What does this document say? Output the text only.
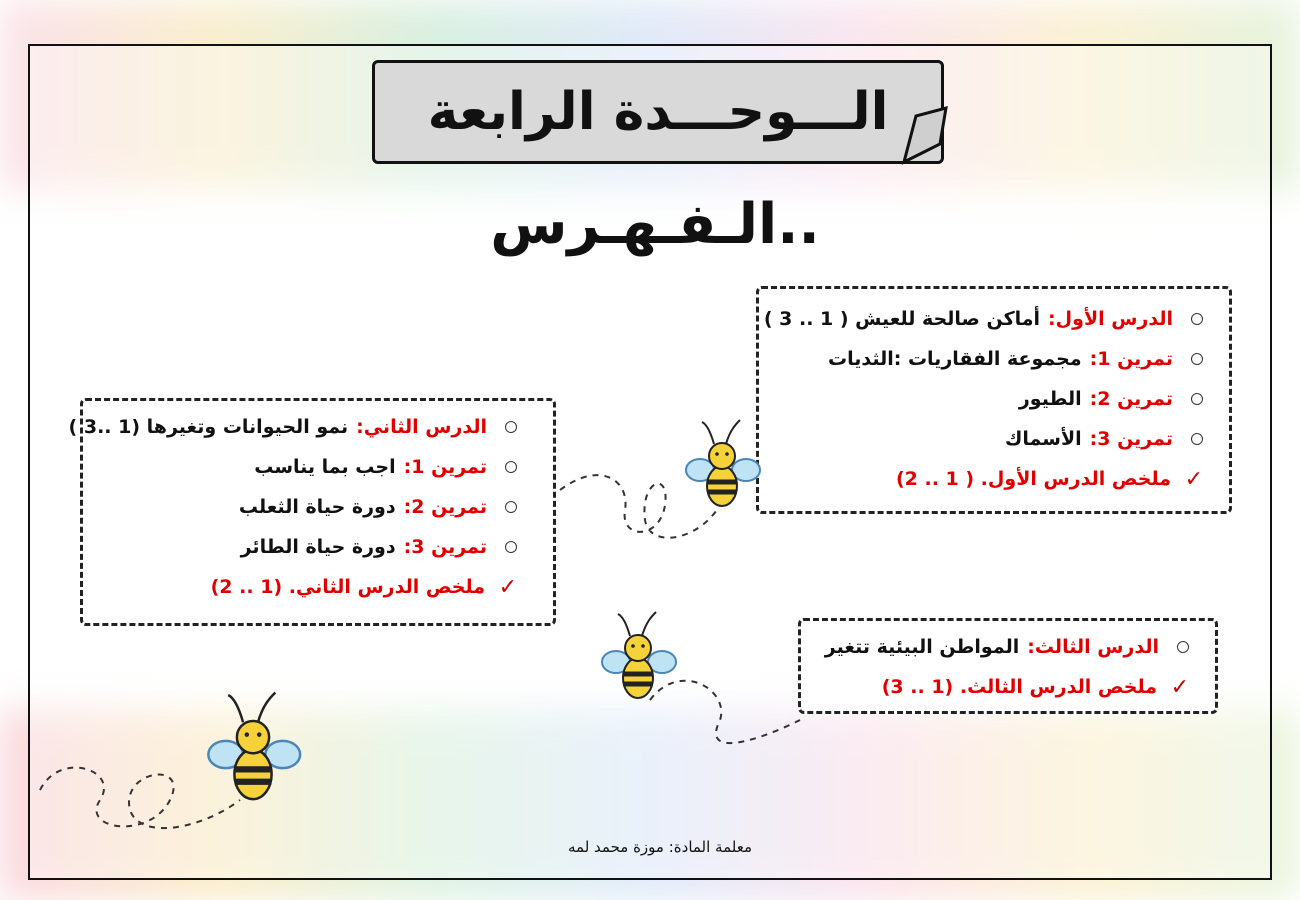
الـــوحـــدة الرابعة
الـفـهـرس..
الدرس الأول:
أماكن صالحة للعيش ( 1 .. 3 )
تمرين 1:
مجموعة الفقاريات :الثديات
تمرين 2:
الطيور
تمرين 3:
الأسماك
✓
ملخص الدرس الأول. ( 1 .. 2)
الدرس الثاني:
نمو الحيوانات وتغيرها (1 ..3 )
تمرين 1:
اجب بما يناسب
تمرين 2:
دورة حياة الثعلب
تمرين 3:
دورة حياة الطائر
✓
ملخص الدرس الثاني. (1 .. 2)
الدرس الثالث:
المواطن البيئية تتغير
✓
ملخص الدرس الثالث. (1 .. 3)
معلمة المادة: موزة محمد لمه
